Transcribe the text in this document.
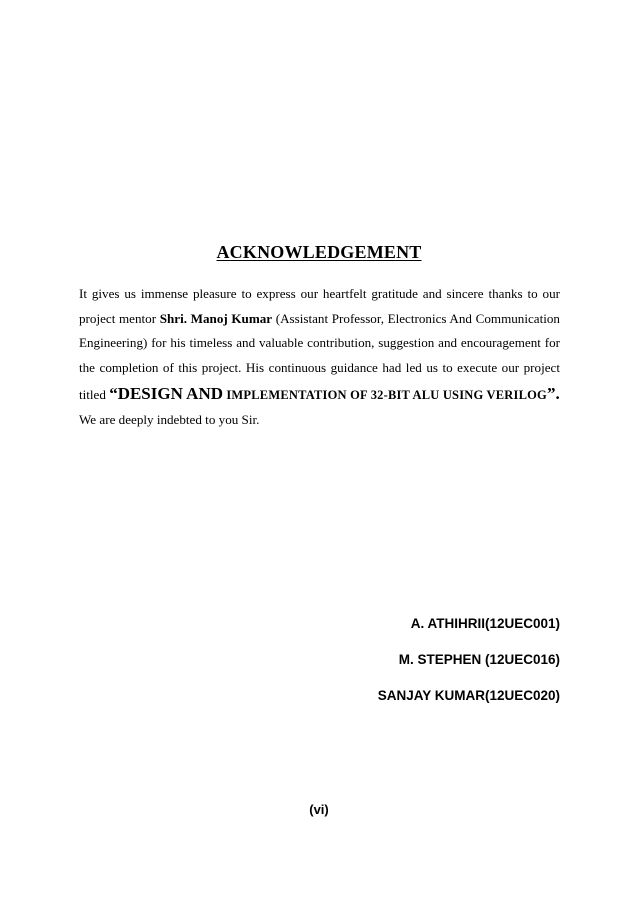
ACKNOWLEDGEMENT
It gives us immense pleasure to express our heartfelt gratitude and sincere thanks to our
project mentor Shri. Manoj Kumar (Assistant Professor, Electronics And Communication
Engineering) for his timeless and valuable contribution, suggestion and encouragement for
the completion of this project. His continuous guidance had led us to execute our project
titled “DESIGN AND IMPLEMENTATION OF 32-BIT ALU USING VERILOG”.
We are deeply indebted to you Sir.
A. ATHIHRII(12UEC001)
M. STEPHEN (12UEC016)
SANJAY KUMAR(12UEC020)
(vi)
